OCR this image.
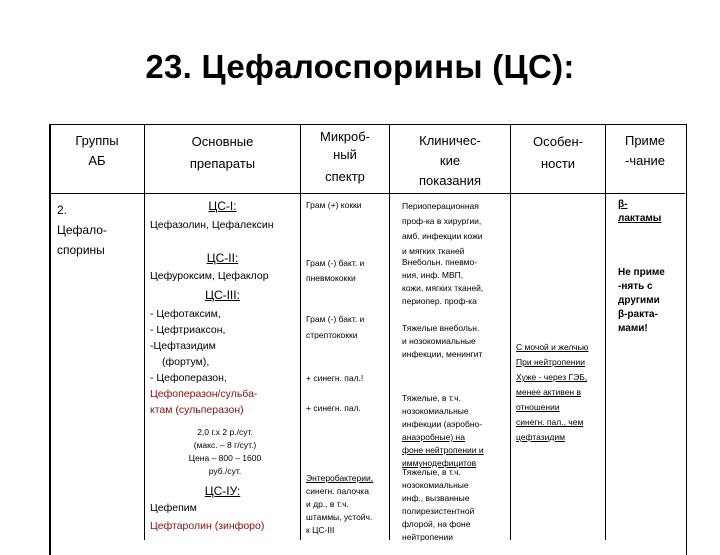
23. Цефалоспорины (ЦС):
Группы
АБ
Основные
препараты
Микроб-
ный
спектр
Клиничес-
кие
показания
Особен-
ности
Приме
-чание
2.
Цефало-
спорины
ЦС-I:
Цефазолин, Цефалексин
ЦС-II:
Цефуроксим, Цефаклор
ЦС-III:
- Цефотаксим,
- Цефтриаксон,
-Цефтазидим
(фортум),
- Цефоперазон,
Цефоперазон/сульба-
ктам (сульперазон)
2,0 г.х 2 р./сут.
(макс. – 8 г/сут.)
Цена – 800 – 1600
руб./сут.
ЦС-IУ:
Цефепим
Цефтаролин (зинфоро)
Грам (+) кокки
Грам (-) бакт. и
пневмококки
Грам (-) бакт. и
стрептококки
+ синегн. пал.!
+ синегн. пал.
Энтеробактерии,
синегн. палочка
и др., в т.ч.
штаммы, устойч.
к ЦС-III
Периоперационная
проф-ка в хирургии,
амб. инфекции кожи
и мягких тканей
Внебольн. пневмо-
ния, инф. МВП,
кожи, мягких тканей,
периопер. проф-ка
Тяжелые внебольн.
и нозокомиальные
инфекции, менингит
Тяжелые, в т.ч.
нозокомиальные
инфекции (аэробно-
анаэробные) на
фоне нейтропении и
иммунодефицитов
Тяжелые, в т.ч.
нозокомиальные
инф., вызванные
полирезистентной
флорой, на фоне
нейтропении
С мочой и желчью
При нейтропении
Хуже - через ГЭБ,
менее активен в
отношении
синегн. пал., чем
цефтазидим
β-
лактамы
Не приме
-нять с
другими
β-ракта-
мами!
